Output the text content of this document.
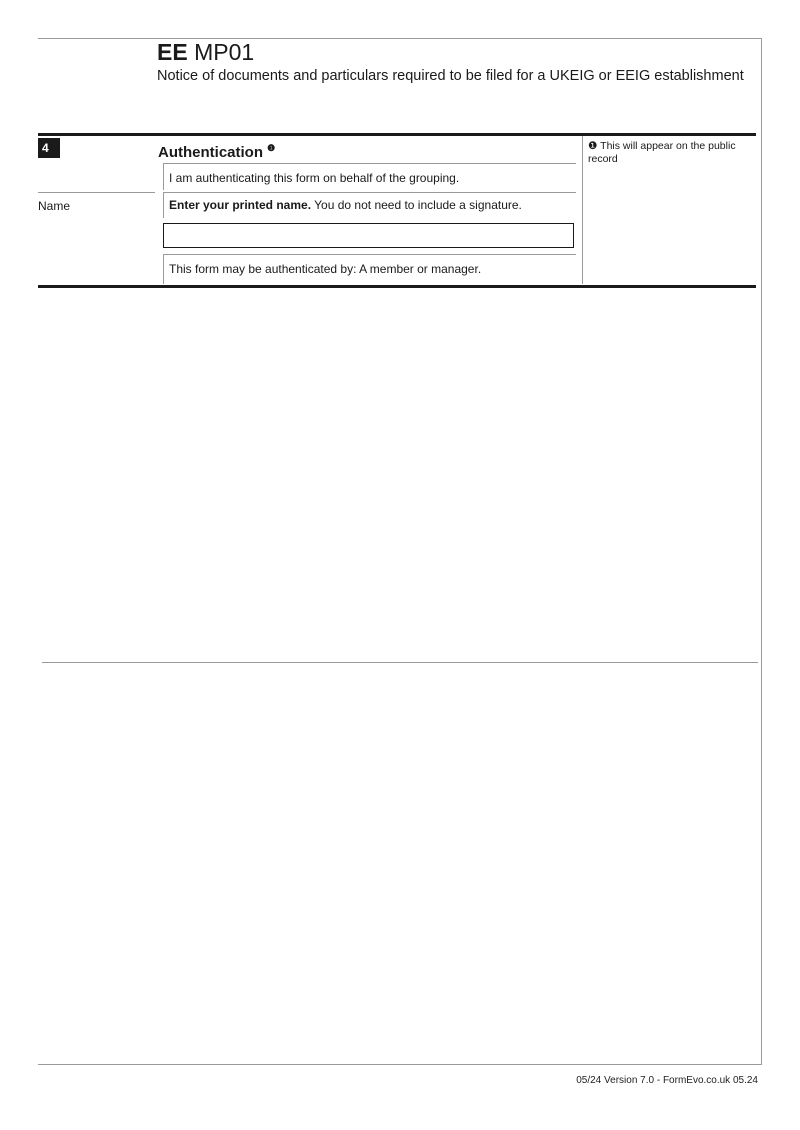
EE MP01
Notice of documents and particulars required to be filed for a UKEIG or EEIG establishment
4	Authentication $^❶$	❶ This will appear on the public record
I am authenticating this form on behalf of the grouping.
Name	Enter your printed name. You do not need to include a signature.
This form may be authenticated by: A member or manager.
05/24 Version 7.0 - FormEvo.co.uk 05.24
